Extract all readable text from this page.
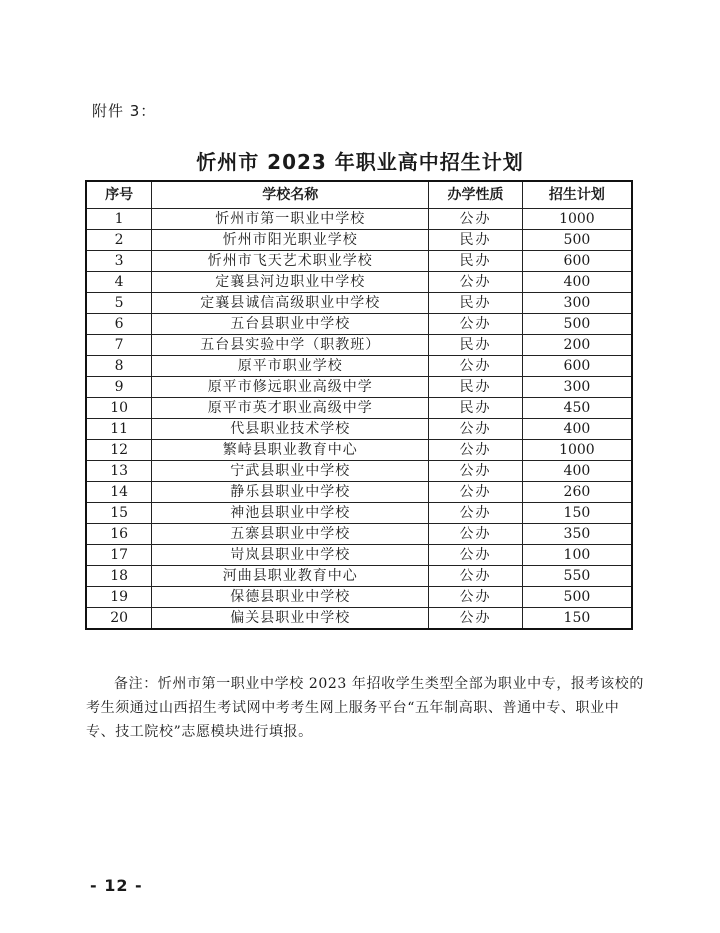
附件 3：
忻州市 2023 年职业高中招生计划
序号	学校名称	办学性质	招生计划
1	忻州市第一职业中学校	公办	1000
2	忻州市阳光职业学校	民办	500
3	忻州市飞天艺术职业学校	民办	600
4	定襄县河边职业中学校	公办	400
5	定襄县诚信高级职业中学校	民办	300
6	五台县职业中学校	公办	500
7	五台县实验中学（职教班）	民办	200
8	原平市职业学校	公办	600
9	原平市修远职业高级中学	民办	300
10	原平市英才职业高级中学	民办	450
11	代县职业技术学校	公办	400
12	繁峙县职业教育中心	公办	1000
13	宁武县职业中学校	公办	400
14	静乐县职业中学校	公办	260
15	神池县职业中学校	公办	150
16	五寨县职业中学校	公办	350
17	岢岚县职业中学校	公办	100
18	河曲县职业教育中心	公办	550
19	保德县职业中学校	公办	500
20	偏关县职业中学校	公办	150
备注：忻州市第一职业中学校 2023 年招收学生类型全部为职业中专，报考该校的考生须通过山西招生考试网中考考生网上服务平台“五年制高职、普通中专、职业中专、技工院校”志愿模块进行填报。
- 12 -
